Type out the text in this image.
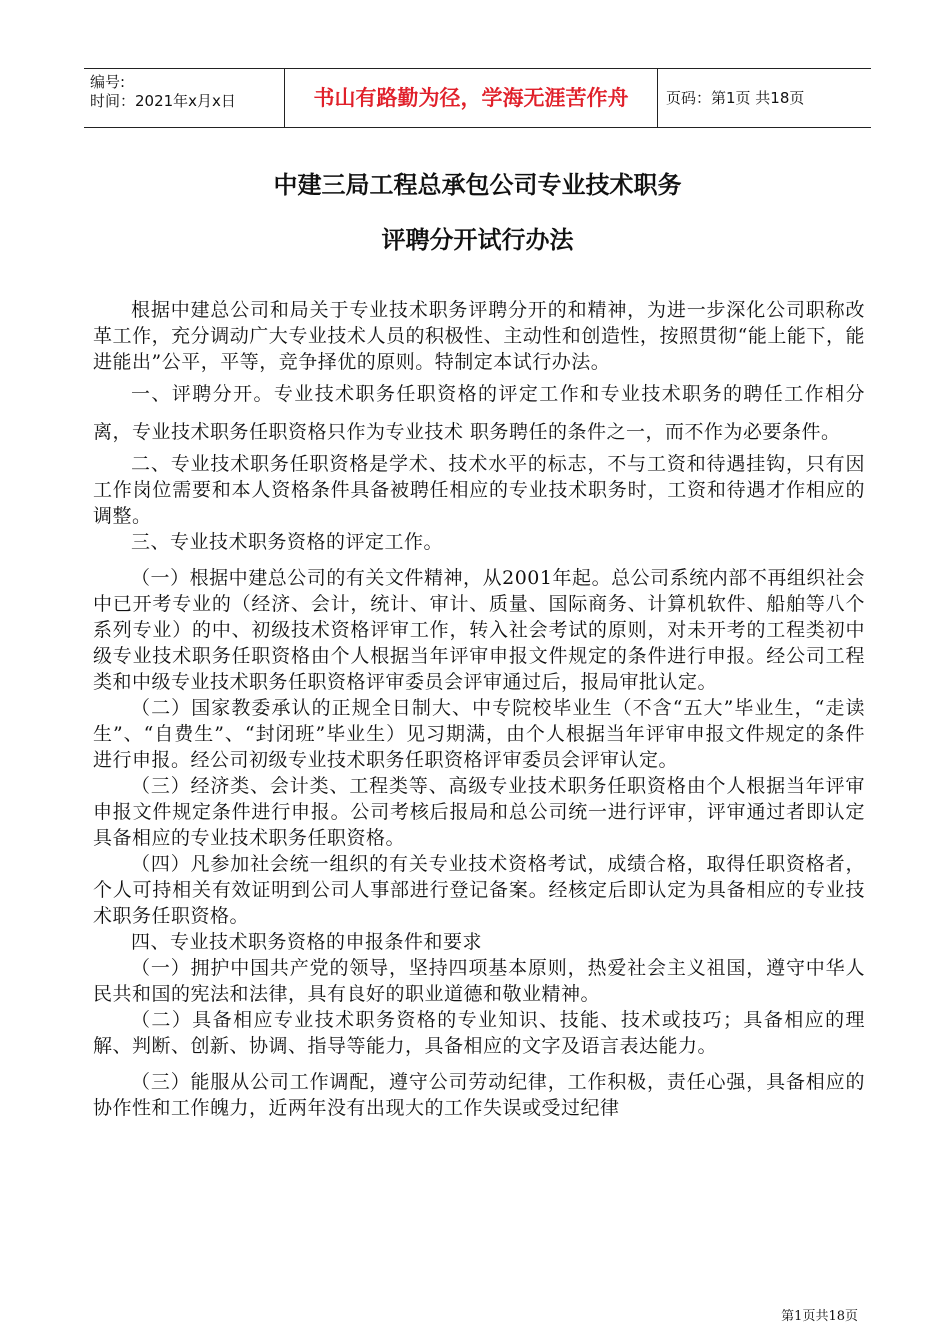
编号:
时间：2021年x月x日	书山有路勤为径，学海无涯苦作舟	页码：第1页 共18页
中建三局工程总承包公司专业技术职务
评聘分开试行办法

根据中建总公司和局关于专业技术职务评聘分开的和精神，为进一步深化公司职称改革工作，充分调动广大专业技术人员的积极性、主动性和创造性，按照贯彻“能上能下，能进能出”公平，平等，竞争择优的原则。特制定本试行办法。

一、评聘分开。专业技术职务任职资格的评定工作和专业技术职务的聘任工作相分离，专业技术职务任职资格只作为专业技术 职务聘任的条件之一，而不作为必要条件。

二、专业技术职务任职资格是学术、技术水平的标志，不与工资和待遇挂钩，只有因工作岗位需要和本人资格条件具备被聘任相应的专业技术职务时，工资和待遇才作相应的调整。

三、专业技术职务资格的评定工作。

（一）根据中建总公司的有关文件精神，从2001年起。总公司系统内部不再组织社会中已开考专业的（经济、会计，统计、审计、质量、国际商务、计算机软件、船舶等八个系列专业）的中、初级技术资格评审工作，转入社会考试的原则，对未开考的工程类初中级专业技术职务任职资格由个人根据当年评审申报文件规定的条件进行申报。经公司工程类和中级专业技术职务任职资格评审委员会评审通过后，报局审批认定。

（二）国家教委承认的正规全日制大、中专院校毕业生（不含“五大”毕业生，“走读生”、“自费生”、“封闭班”毕业生）见习期满，由个人根据当年评审申报文件规定的条件进行申报。经公司初级专业技术职务任职资格评审委员会评审认定。

（三）经济类、会计类、工程类等、高级专业技术职务任职资格由个人根据当年评审申报文件规定条件进行申报。公司考核后报局和总公司统一进行评审，评审通过者即认定具备相应的专业技术职务任职资格。

（四）凡参加社会统一组织的有关专业技术资格考试，成绩合格，取得任职资格者，个人可持相关有效证明到公司人事部进行登记备案。经核定后即认定为具备相应的专业技术职务任职资格。

四、专业技术职务资格的申报条件和要求

（一）拥护中国共产党的领导，坚持四项基本原则，热爱社会主义祖国，遵守中华人民共和国的宪法和法律，具有良好的职业道德和敬业精神。

（二）具备相应专业技术职务资格的专业知识、技能、技术或技巧；具备相应的理解、判断、创新、协调、指导等能力，具备相应的文字及语言表达能力。

（三）能服从公司工作调配，遵守公司劳动纪律，工作积极，责任心强，具备相应的协作性和工作魄力，近两年没有出现大的工作失误或受过纪律

第1页共18页
